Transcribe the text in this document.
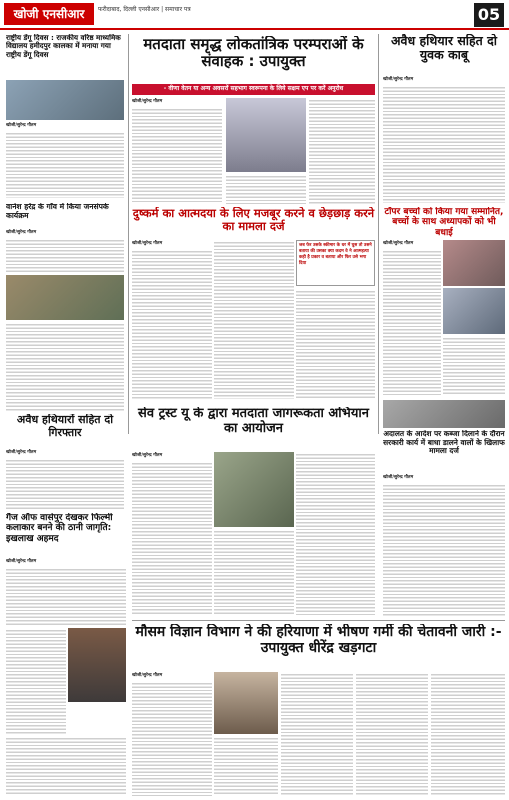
खोजी एनसीआर	फरीदाबाद, दिल्ली एनसीआर | समाचार पत्र	05
राष्ट्रीय डेंगू दिवस : राजकीय वरिष्ठ माध्यमिक विद्यालय हमीदपुर कालका में मनाया गया राष्ट्रीय डेंगू दिवस
खोजी/सुरेन्द्र गौतम
वानेश हरेंद्र के गाँव में किया जनसंपर्क कार्यक्रम
खोजी/सुरेन्द्र गौतम
अवैध हथियारों सहित दो गिरफ्तार
खोजी/सुरेन्द्र गौतम
गैंज ऑफ वासेपुर देखकर फिल्मी कलाकार बनने की ठानी जागृति: इखलाख अहमद
खोजी/सुरेन्द्र गौतम
मतदाता समृद्ध लोकतांत्रिक परम्पराओं के संवाहक : उपायुक्त
- वीणा वेतन या अन्य अवसरों सहभाग स्वरूपना के लिये सक्षम एप पर करें अनुरोध
खोजी/सुरेन्द्र गौतम
दुष्कर्म का आत्मदया के लिए मजबूर करने व छेड़छाड़ करने का मामला दर्ज
खोजी/सुरेन्द्र गौतम	जब फेर उसके स्कीमार के धर में घुस तो उसने बताया की उसका क्या कदम वे ने आत्महत्या कही है प्रकार व बताया और फिर उसे भगा दिया
अवैध हथियार सहित दो युवक काबू
खोजी/सुरेन्द्र गौतम
टॉपर बच्चों को किया गया सम्मानित, बच्चों के साथ अध्यापकों को भी बधाई
खोजी/सुरेन्द्र गौतम
सेव ट्रस्ट यू के द्वारा मतदाता जागरूकता अभियान का आयोजन
खोजी/सुरेन्द्र गौतम
अदालत के आदेश पर कब्जा दिलाने के दौरान सरकारी कार्य में बाधा डालने वालों के खिलाफ मामला दर्ज
खोजी/सुरेन्द्र गौतम
मौसम विज्ञान विभाग ने की हरियाणा में भीषण गर्मी की चेतावनी जारी :- उपायुक्त धीरेंद्र खड़गटा
खोजी/सुरेन्द्र गौतम
